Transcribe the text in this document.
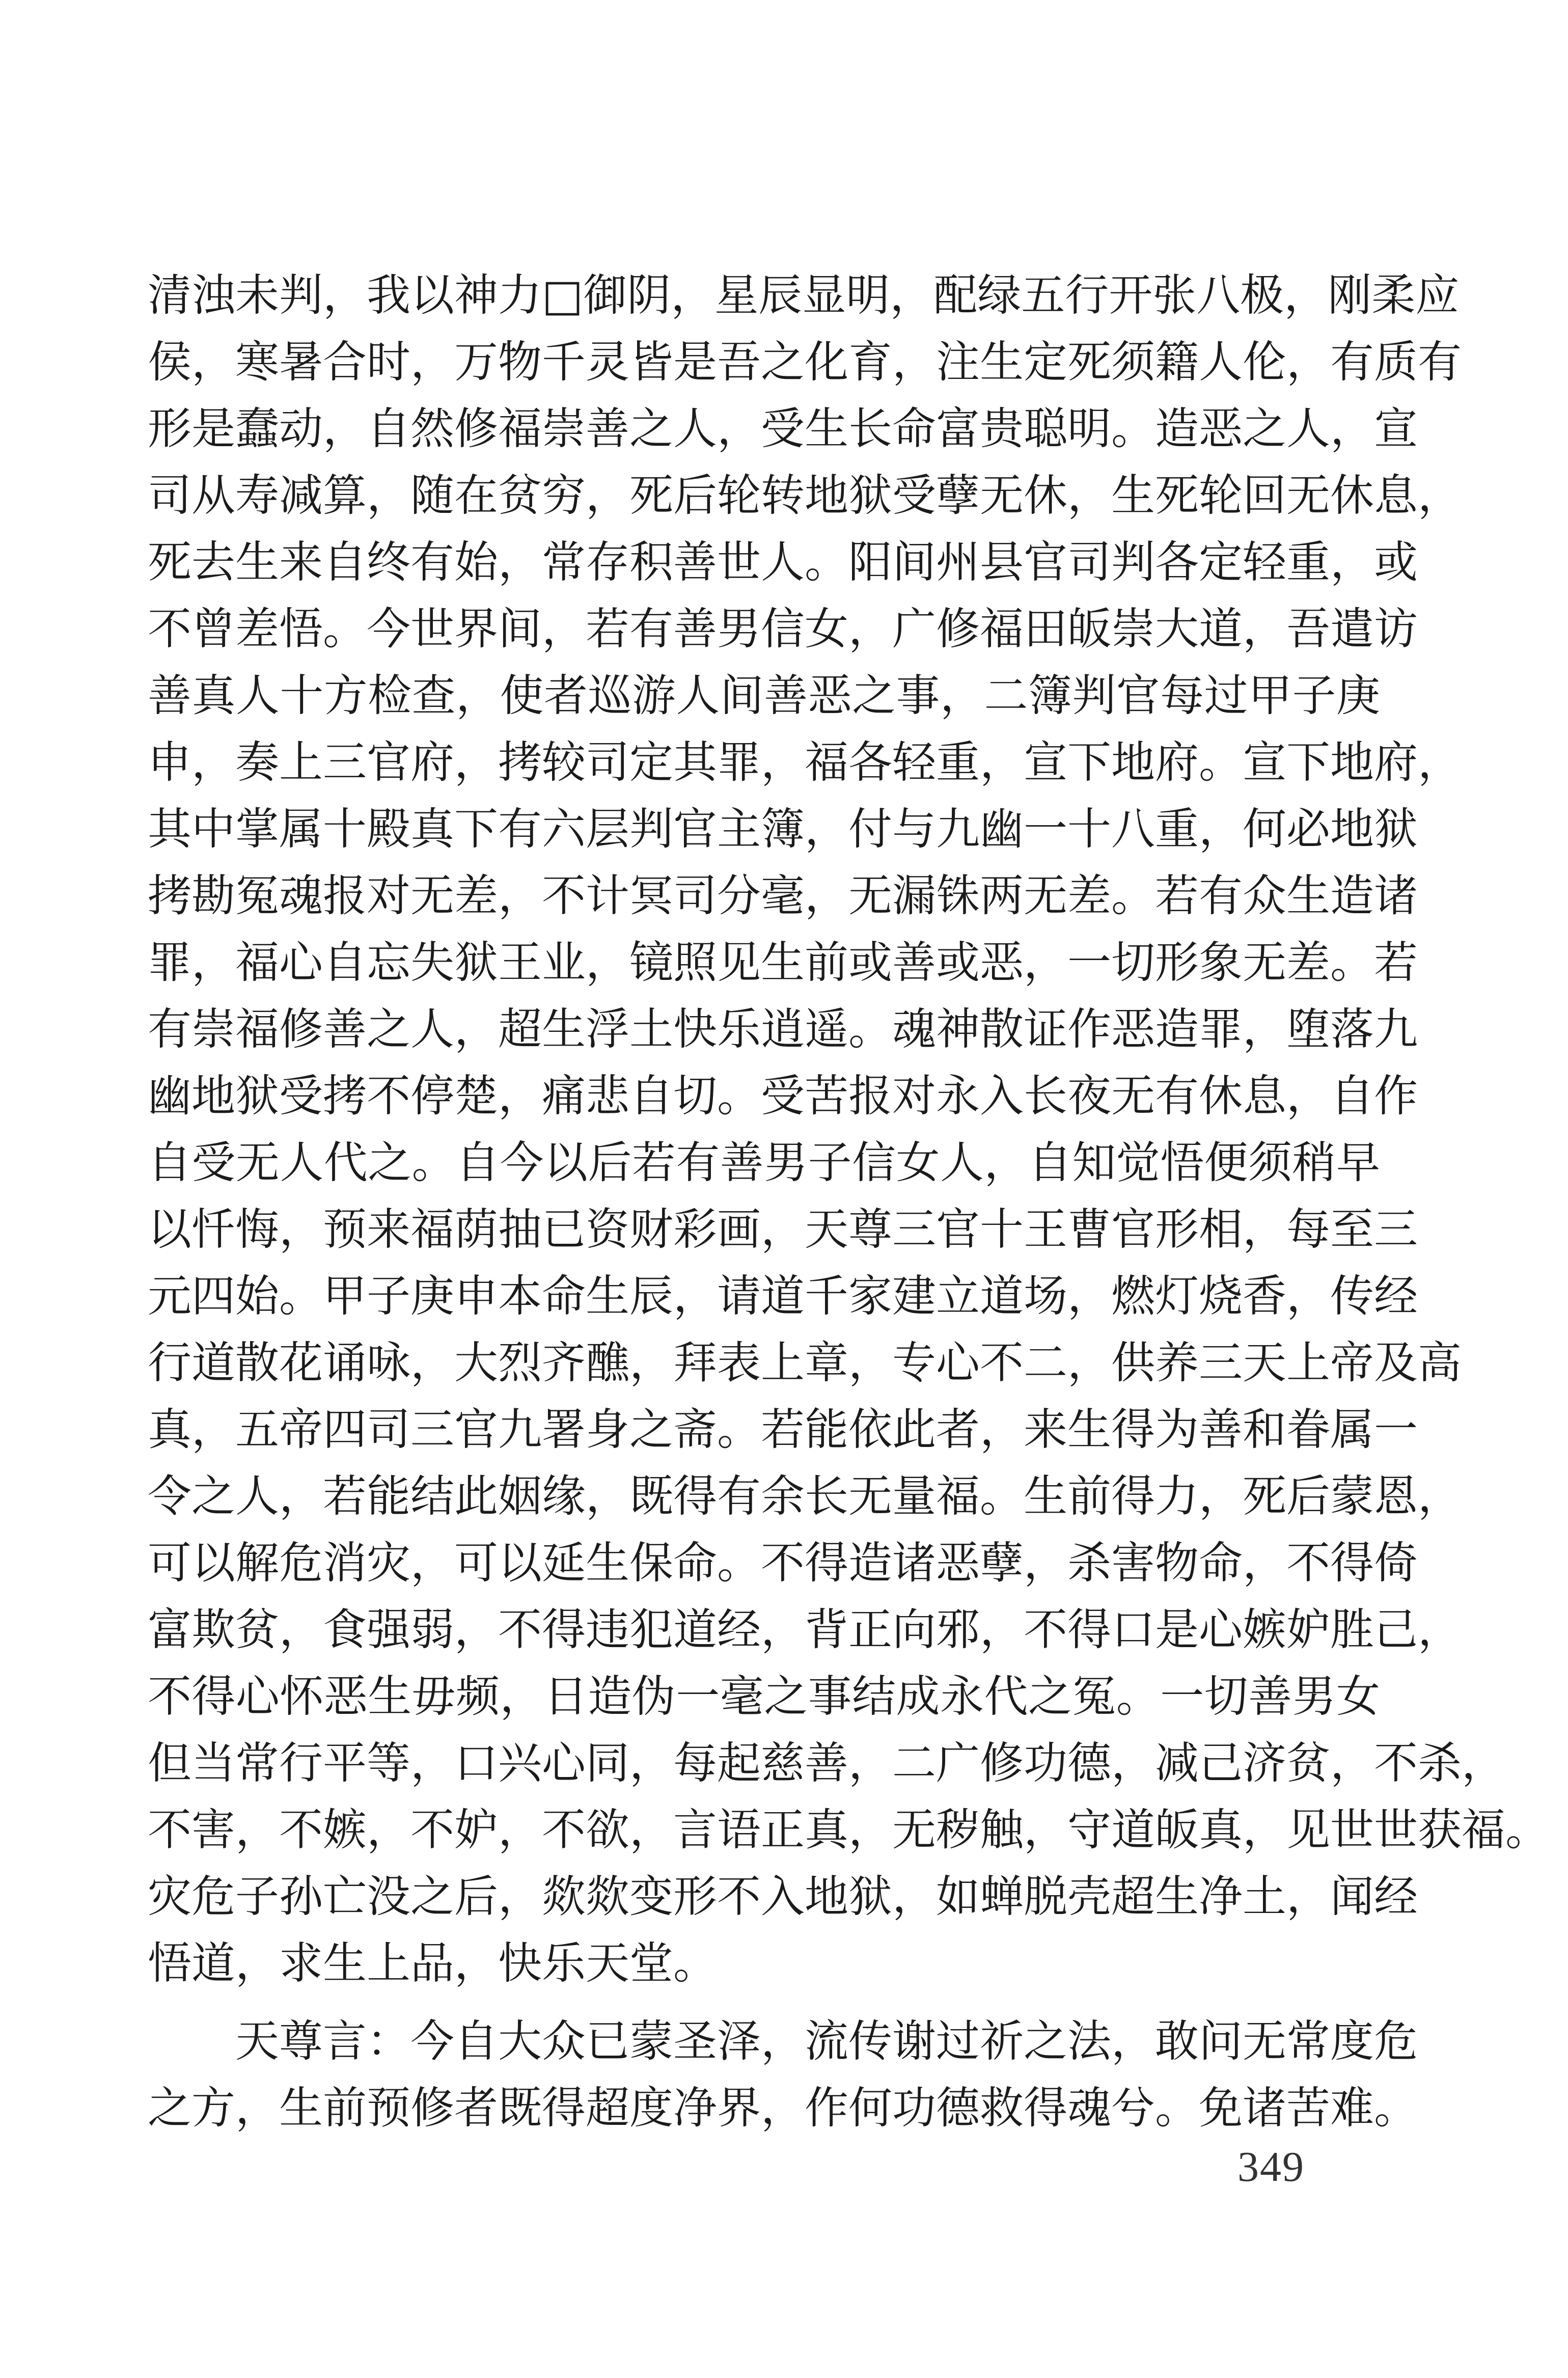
清浊未判，我以神力□御阴，星辰显明，配绿五行开张八极，刚柔应
侯，寒暑合时，万物千灵皆是吾之化育，注生定死须籍人伦，有质有
形是蠢动，自然修福崇善之人，受生长命富贵聪明。造恶之人，宣
司从寿减算，随在贫穷，死后轮转地狱受孽无休，生死轮回无休息，
死去生来自终有始，常存积善世人。阳间州县官司判各定轻重，或
不曾差悟。今世界间，若有善男信女，广修福田皈崇大道，吾遣访
善真人十方检查，使者巡游人间善恶之事，二簿判官每过甲子庚
申，奏上三官府，拷较司定其罪，福各轻重，宣下地府。宣下地府，
其中掌属十殿真下有六层判官主簿，付与九幽一十八重，何必地狱
拷勘冤魂报对无差，不计冥司分毫，无漏铢两无差。若有众生造诸
罪，福心自忘失狱王业，镜照见生前或善或恶，一切形象无差。若
有崇福修善之人，超生浮土快乐逍遥。魂神散证作恶造罪，堕落九
幽地狱受拷不停楚，痛悲自切。受苦报对永入长夜无有休息，自作
自受无人代之。自今以后若有善男子信女人，自知觉悟便须稍早
以忏悔，预来福荫抽已资财彩画，天尊三官十王曹官形相，每至三
元四始。甲子庚申本命生辰，请道千家建立道场，燃灯烧香，传经
行道散花诵咏，大烈齐醮，拜表上章，专心不二，供养三天上帝及高
真，五帝四司三官九署身之斋。若能依此者，来生得为善和眷属一
令之人，若能结此姻缘，既得有余长无量福。生前得力，死后蒙恩，
可以解危消灾，可以延生保命。不得造诸恶孽，杀害物命，不得倚
富欺贫，食强弱，不得违犯道经，背正向邪，不得口是心嫉妒胜己，
不得心怀恶生毋频，日造伪一毫之事结成永代之冤。一切善男女
但当常行平等，口兴心同，每起慈善，二广修功德，减己济贫，不杀，
不害，不嫉，不妒，不欲，言语正真，无秽触，守道皈真，见世世获福。
灾危子孙亡没之后，欻欻变形不入地狱，如蝉脱壳超生净土，闻经
悟道，求生上品，快乐天堂。
天尊言：今自大众已蒙圣泽，流传谢过祈之法，敢问无常度危
之方，生前预修者既得超度净界，作何功德救得魂兮。免诸苦难。
349
